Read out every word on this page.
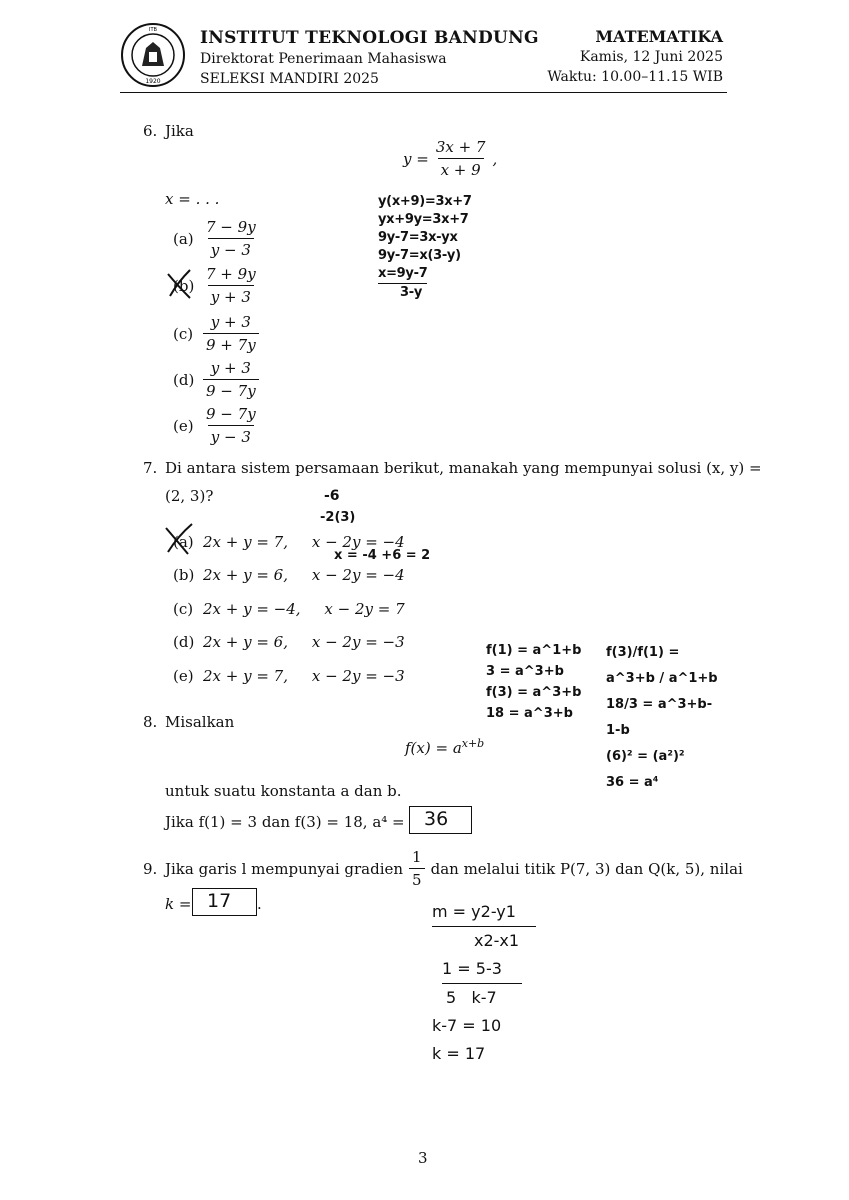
1920
ITB	INSTITUT TEKNOLOGI BANDUNG
Direktorat Penerimaan Mahasiswa
SELEKSI MANDIRI 2025
MATEMATIKA
Kamis, 12 Juni 2025
Waktu: 10.00–11.15 WIB
6. Jika
$y = \frac{3x + 7}{x + 9}$ ,
x = . . .
$(a) \frac{7 - 9y}{y - 3}$
$(b) \frac{7 + 9y}{y + 3}$
$(c) \frac{y + 3}{9 + 7y}$
$(d) \frac{y + 3}{9 - 7y}$
$(e) \frac{9 - 7y}{y - 3}$
y(x+9)=3x+7
yx+9y=3x+7
9y-7=3x-yx
9y-7=x(3-y)
x=9y-7
3-y
7. Di antara sistem persamaan berikut, manakah yang mempunyai solusi (x, y) =
(2, 3)?
(a) 2x + y = 7,     x − 2y = −4
(b) 2x + y = 6,     x − 2y = −4
(c) 2x + y = −4,     x − 2y = 7
(d) 2x + y = 6,     x − 2y = −3
(e) 2x + y = 7,     x − 2y = −3
-6
-2(3)
x = -4 +6 = 2
8. Misalkan
$f(x) = a^{x+b}$
untuk suatu konstanta a dan b.
Jika f(1) = 3 dan f(3) = 18, a⁴ = 36
f(1) = a^1+b
3 = a^3+b
f(3) = a^3+b
18 = a^3+b
f(3)/f(1) = a^3+b / a^1+b
18/3 = a^3+b-1-b
(6)² = (a²)²
36 = a⁴
9. Jika garis l mempunyai gradien $\frac{1}{5}$ dan melalui titik P(7, 3) dan Q(k, 5), nilai
k = 17 .	m = y2-y1
x2-x1
1 = 5-3
5   k-7
k-7 = 10
k = 17
3
